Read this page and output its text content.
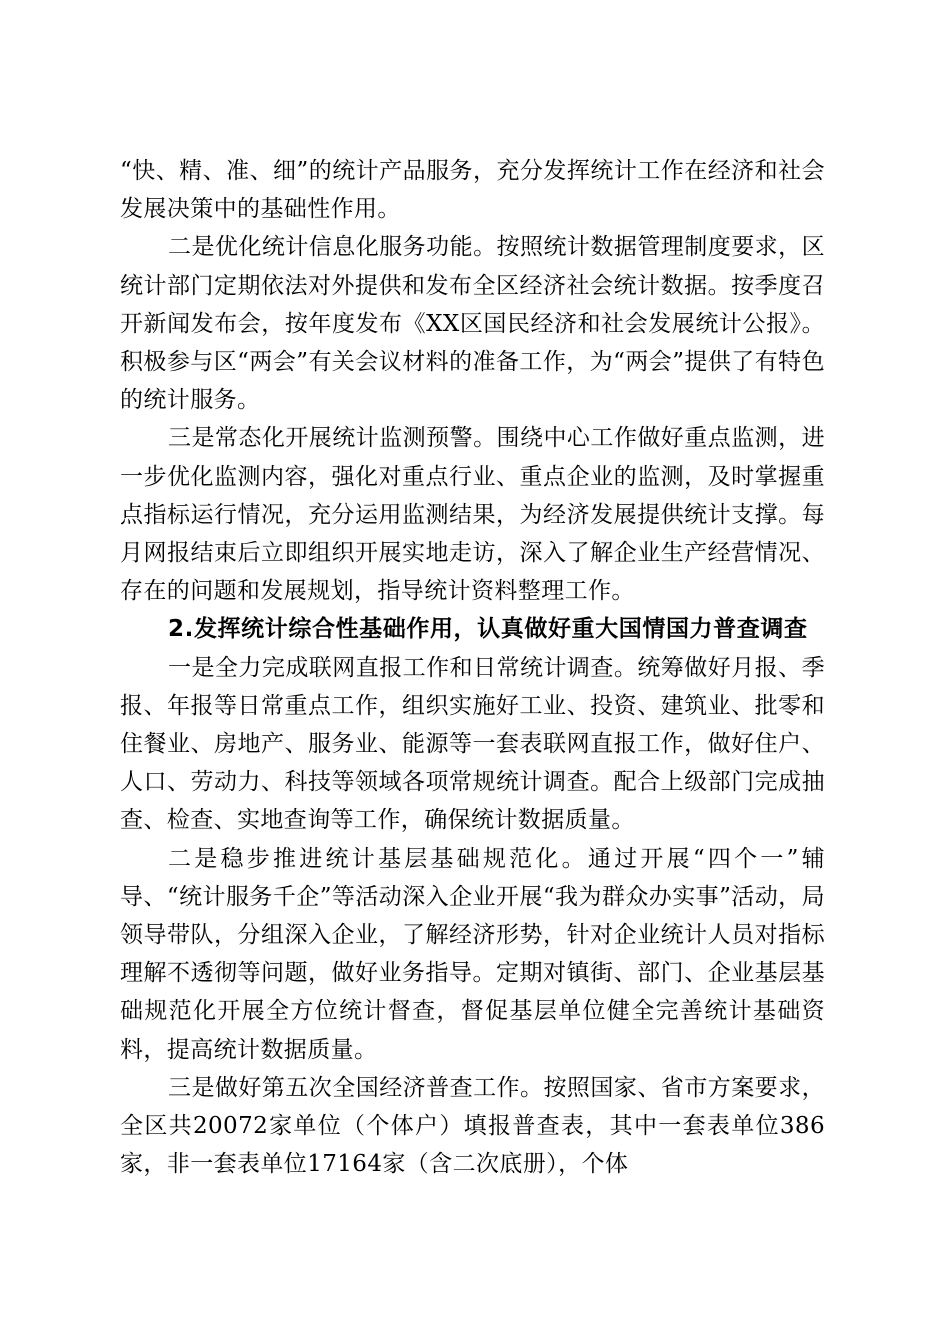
“快、精、准、细”的统计产品服务，充分发挥统计工作在经济和社会发展决策中的基础性作用。

二是优化统计信息化服务功能。按照统计数据管理制度要求，区统计部门定期依法对外提供和发布全区经济社会统计数据。按季度召开新闻发布会，按年度发布《XX区国民经济和社会发展统计公报》。积极参与区“两会”有关会议材料的准备工作，为“两会”提供了有特色的统计服务。

三是常态化开展统计监测预警。围绕中心工作做好重点监测，进一步优化监测内容，强化对重点行业、重点企业的监测，及时掌握重点指标运行情况，充分运用监测结果，为经济发展提供统计支撑。每月网报结束后立即组织开展实地走访，深入了解企业生产经营情况、存在的问题和发展规划，指导统计资料整理工作。

2.发挥统计综合性基础作用，认真做好重大国情国力普查调查

一是全力完成联网直报工作和日常统计调查。统筹做好月报、季报、年报等日常重点工作，组织实施好工业、投资、建筑业、批零和住餐业、房地产、服务业、能源等一套表联网直报工作，做好住户、人口、劳动力、科技等领域各项常规统计调查。配合上级部门完成抽查、检查、实地查询等工作，确保统计数据质量。

二是稳步推进统计基层基础规范化。通过开展“四个一”辅导、“统计服务千企”等活动深入企业开展“我为群众办实事”活动，局领导带队，分组深入企业，了解经济形势，针对企业统计人员对指标理解不透彻等问题，做好业务指导。定期对镇街、部门、企业基层基础规范化开展全方位统计督查，督促基层单位健全完善统计基础资料，提高统计数据质量。

三是做好第五次全国经济普查工作。按照国家、省市方案要求，全区共20072家单位（个体户）填报普查表，其中一套表单位386家，非一套表单位17164家（含二次底册），个体
